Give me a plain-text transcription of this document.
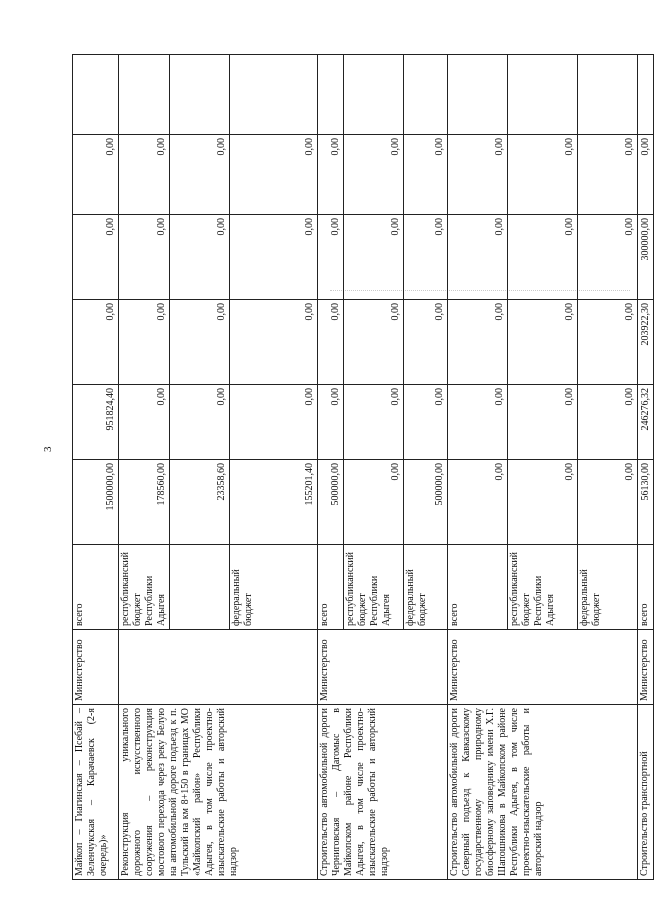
3
Майкоп – Гиагинская – Псебай – Зеленчукская – Карачаевск (2-я очередь)»	Министерство	всего	1500000,00	951824,40	0,00	0,00	0,00	
Реконструкция уникального дорожного искусственного сооружения – реконструкция мостового перехода через реку Белую на автомобильной дороге подъезд к п. Тульский на км 8+150 в границах МО «Майкопский район» Республики Адыгея, в том числе проектно-изыскательские работы и авторский надзор		республиканский бюджет Республики Адыгея	178560,00	0,00	0,00	0,00	0,00	
			23358,60	0,00	0,00	0,00	0,00	
		федеральный бюджет	155201,40	0,00	0,00	0,00	0,00	
Строительство автомобильной дороги Черниговская – Дагомыс в Майкопском районе Республики Адыгея, в том числе проектно-изыскательские работы и авторский надзор	Министерство	всего	500000,00	0,00	0,00	0,00	0,00	
		республиканский бюджет Республики Адыгея	0,00	0,00	0,00	0,00	0,00	
		федеральный бюджет	500000,00	0,00	0,00	0,00	0,00	
Строительство автомобильной дороги Северный подъезд к Кавказскому государственному природному биосферному заповеднику имени Х.Г. Шапошникова в Майкопском районе Республики Адыгея, в том числе проектно-изыскательские работы и авторский надзор	Министерство	всего	0,00	0,00	0,00	0,00	0,00	
		республиканский бюджет Республики Адыгея	0,00	0,00	0,00	0,00	0,00	
		федеральный бюджет	0,00	0,00	0,00	0,00	0,00	
Строительство транспортной	Министерство	всего	56130,00	246276,32	203922,30	300000,00	0,00	
